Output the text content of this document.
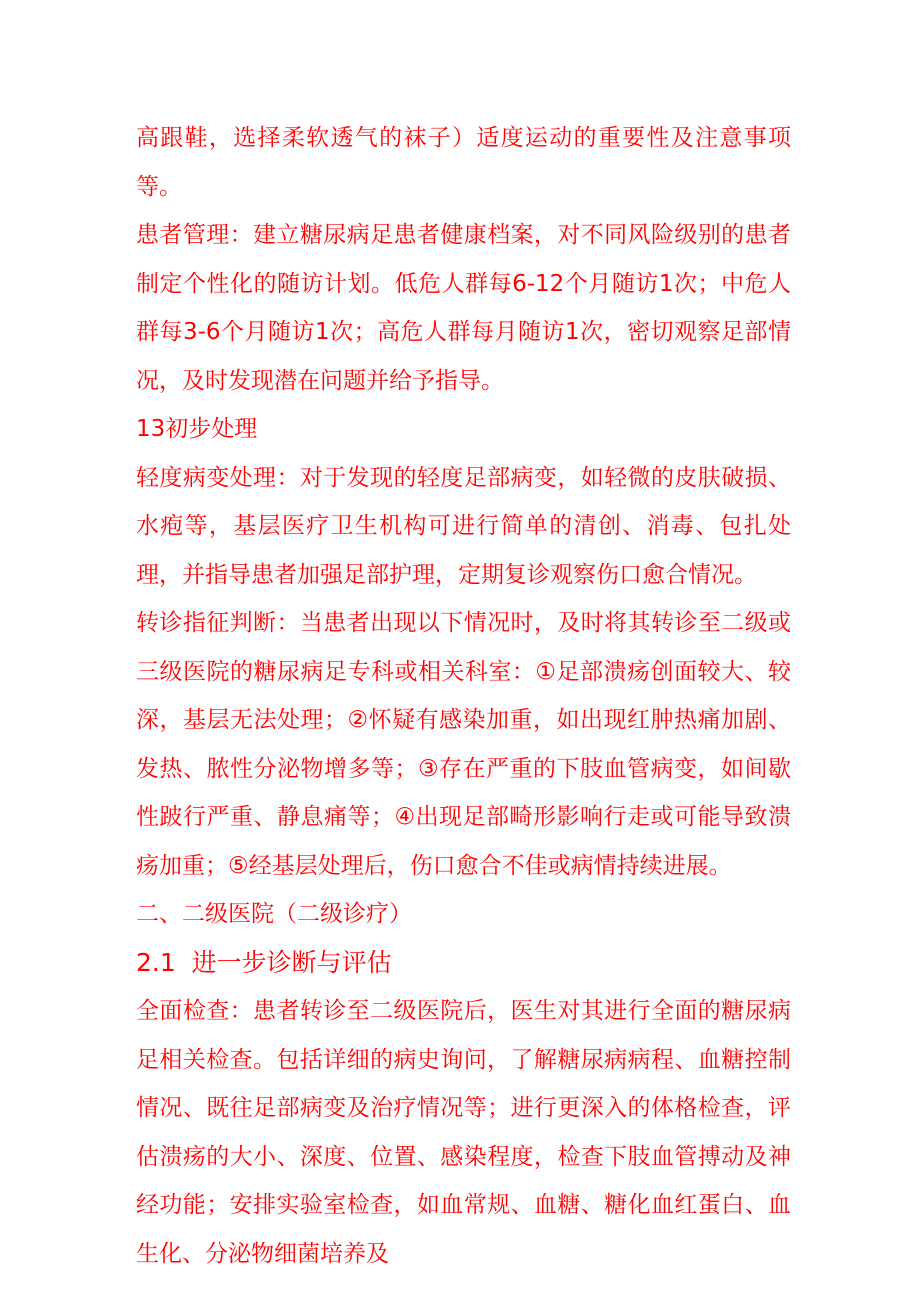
高跟鞋，选择柔软透气的袜子）适度运动的重要性及注意事项等。

患者管理：建立糖尿病足患者健康档案，对不同风险级别的患者制定个性化的随访计划。低危人群每6-12个月随访1次；中危人群每3-6个月随访1次；高危人群每月随访1次，密切观察足部情况，及时发现潜在问题并给予指导。

13初步处理

轻度病变处理：对于发现的轻度足部病变，如轻微的皮肤破损、水疱等，基层医疗卫生机构可进行简单的清创、消毒、包扎处理，并指导患者加强足部护理，定期复诊观察伤口愈合情况。

转诊指征判断：当患者出现以下情况时，及时将其转诊至二级或三级医院的糖尿病足专科或相关科室：①足部溃疡创面较大、较深，基层无法处理；②怀疑有感染加重，如出现红肿热痛加剧、发热、脓性分泌物增多等；③存在严重的下肢血管病变，如间歇性跛行严重、静息痛等；④出现足部畸形影响行走或可能导致溃疡加重；⑤经基层处理后，伤口愈合不佳或病情持续进展。

二、二级医院（二级诊疗）

2.1  进一步诊断与评估

全面检查：患者转诊至二级医院后，医生对其进行全面的糖尿病足相关检查。包括详细的病史询问，了解糖尿病病程、血糖控制情况、既往足部病变及治疗情况等；进行更深入的体格检查，评估溃疡的大小、深度、位置、感染程度，检查下肢血管搏动及神经功能；安排实验室检查，如血常规、血糖、糖化血红蛋白、血生化、分泌物细菌培养及
